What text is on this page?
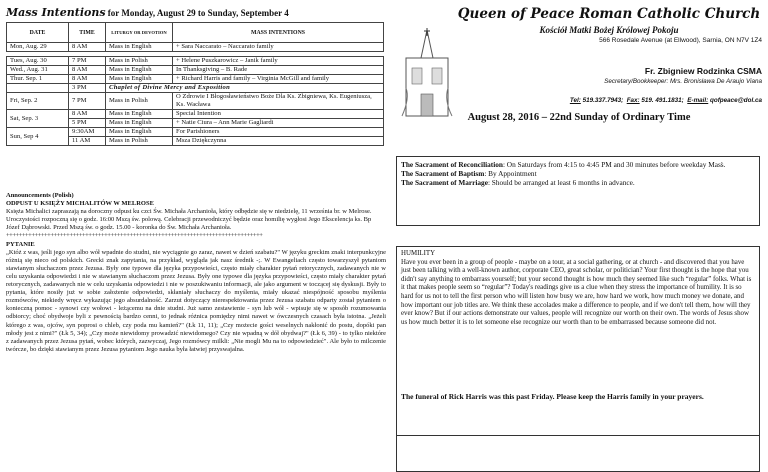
Mass Intentions for Monday, August 29 to Sunday, September 4
DATE	TIME	LITURGY OR DEVOTION	MASS INTENTIONS
Mon, Aug. 29	8 AM	Mass in English	+ Sara Naccarato – Naccarato family

Tues, Aug. 30	7 PM	Mass in Polish	+ Helene Puszkarowicz – Janik family
Wed., Aug. 31	8 AM	Mass in English	In Thanksgiving – B. Rade
Thur. Sep. 1	8 AM	Mass in English	+ Richard Harris and family – Virginia McGill and family
	3 PM	Chaplet of Divine Mercy and Exposition	
Fri, Sep. 2	7 PM	Mass in Polish	O Zdrowie I Błogosławieństwo Boże Dla Ks. Zbigniewa, Ks. Eugeniusza, Ks. Wacława
Sat, Sep. 3	8 AM	Mass in English	Special Intention
	5 PM	Mass in English	+ Natie Ciura – Ann Marie Gagliardi
Sun, Sep 4	9:30AM	Mass in English	For Parishioners
	11 AM	Mass in Polish	Msza Dziękczynna
Announcements (Polish)
ODPUST U KSIĘŻY MICHALITÓW W MELROSE
Księża Michalici zapraszają na doroczny odpust ku czci Św. Michała Archanioła, który odbędzie się w niedzielę, 11 września br. w Melrose. Uroczystości rozpoczną się o godz. 16:00 Mszą św. polową. Celebracji przewodniczyć będzie oraz homilię wygłosi Jego Ekscelencja ks. Bp Józef Dąbrowski. Przed Mszą św. o godz. 15.00 - koronka do Św. Michała Archanioła.
+++++++++++++++++++++++++++++++++++++++++++++++++++++++++++++++++++++++++++++++++
PYTANIE
„Któż z was, jeśli jego syn albo wół wpadnie do studni, nie wyciągnie go zaraz, nawet w dzień szabatu?" W języku greckim znaki interpunkcyjne różnią się nieco od polskich. Grecki znak zapytania, na przykład, wygląda jak nasz średnik -;. W Ewangeliach często towarzyszył pytaniom stawianym słuchaczom przez Jezusa. Były one typowe dla języka przypowieści, często miały charakter pytań retorycznych, zadawanych nie w celu uzyskania odpowiedzi i nie w stawianym słuchaczom przez Jezusa. Były one typowe dla języka przypowieści, często miały charakter pytań retorycznych, zadawanych nie w celu uzyskania odpowiedzi i nie w poszukiwaniu informacji, ale jako argument w toczącej się dyskusji. Były to pytania, które nosiły już w sobie założenie odpowiedzi, skłaniały słuchaczy do myślenia, miały ukazać niespójność sposobu myślenia rozmówców, niekiedy wręcz wykazując jego absurdalność. Zarzut dotyczący nierespektowania przez Jezusa szabatu odparty został pytaniem o konieczną pomoc - synowi czy wołowi - leżącemu na dnie studni. Już samo zestawienie - syn lub wół - wpisuje się w sposób rozumowania odbiorcy; choć obydwoje byli z pewnością bardzo cenni, to jednak różnica pomiędzy nimi nawet w ówczesnych czasach była istotna. „Jeżeli którego z was, ojców, syn poprosi o chleb, czy poda mu kamień?" (Łk 11, 11); „Czy możecie gości weselnych nakłonić do postu, dopóki pan młody jest z nimi?" (Łk 5, 34); „Czy może niewidomy prowadzić niewidomego? Czy nie wpadną w dół obydwaj?" (Łk 6, 39) - to tylko niektóre z zadawanych przez Jezusa pytań, wobec których, zazwyczaj, Jego rozmówcy milkli: „Nie mogli Mu na to odpowiedzieć". Ale było to milczenie twórcze, bo dzięki stawianym przez Jezusa pytaniom Jego nauka była łatwiej przyswajalna.
Queen of Peace Roman Catholic Church
Kościół Matki Bożej Królowej Pokoju
566 Rosedale Avenue (at Ellwood), Sarnia, ON N7V 1Z4
Fr. Zbigniew Rodzinka CSMA
Secretary/Bookkeeper: Mrs. Bronisława De Araujo Viana
Tel: 519.337.7943; Fax: 519. 491.1831; E-mail: qofpeace@dol.ca
August 28, 2016 – 22nd Sunday of Ordinary Time
The Sacrament of Reconciliation: On Saturdays from 4:15 to 4:45 PM and 30 minutes before weekday Mass̀.
The Sacrament of Baptism: By Appointment
The Sacrament of Marriage: Should be arranged at least 6 months in advance.
HUMILITY
Have you ever been in a group of people - maybe on a tour, at a social gathering, or at church - and discovered that you have just been talking with a well-known author, corporate CEO, great scholar, or politician? Your first thought is the hope that you didn't say anything to embarrass yourself; but your second thought is how much they seemed like such “regular” folks. What is it that makes people seem so “regular”? Today's readings give us a clue when they stress the importance of humility. It is so hard for us not to tell the first person who will listen how busy we are, how hard we work, how much money we donate, and how important our job titles are. We think these accolades make a difference to people, and if we don't tell them, how will they ever know? But if our actions demonstrate our values, people will recognize our worth on their own. The words of Jesus show us how much better it is to let someone else recognize our worth than to be embarrassed because someone did not.
The funeral of Rick Harris was this past Friday. Please keep the Harris family in your prayers.
